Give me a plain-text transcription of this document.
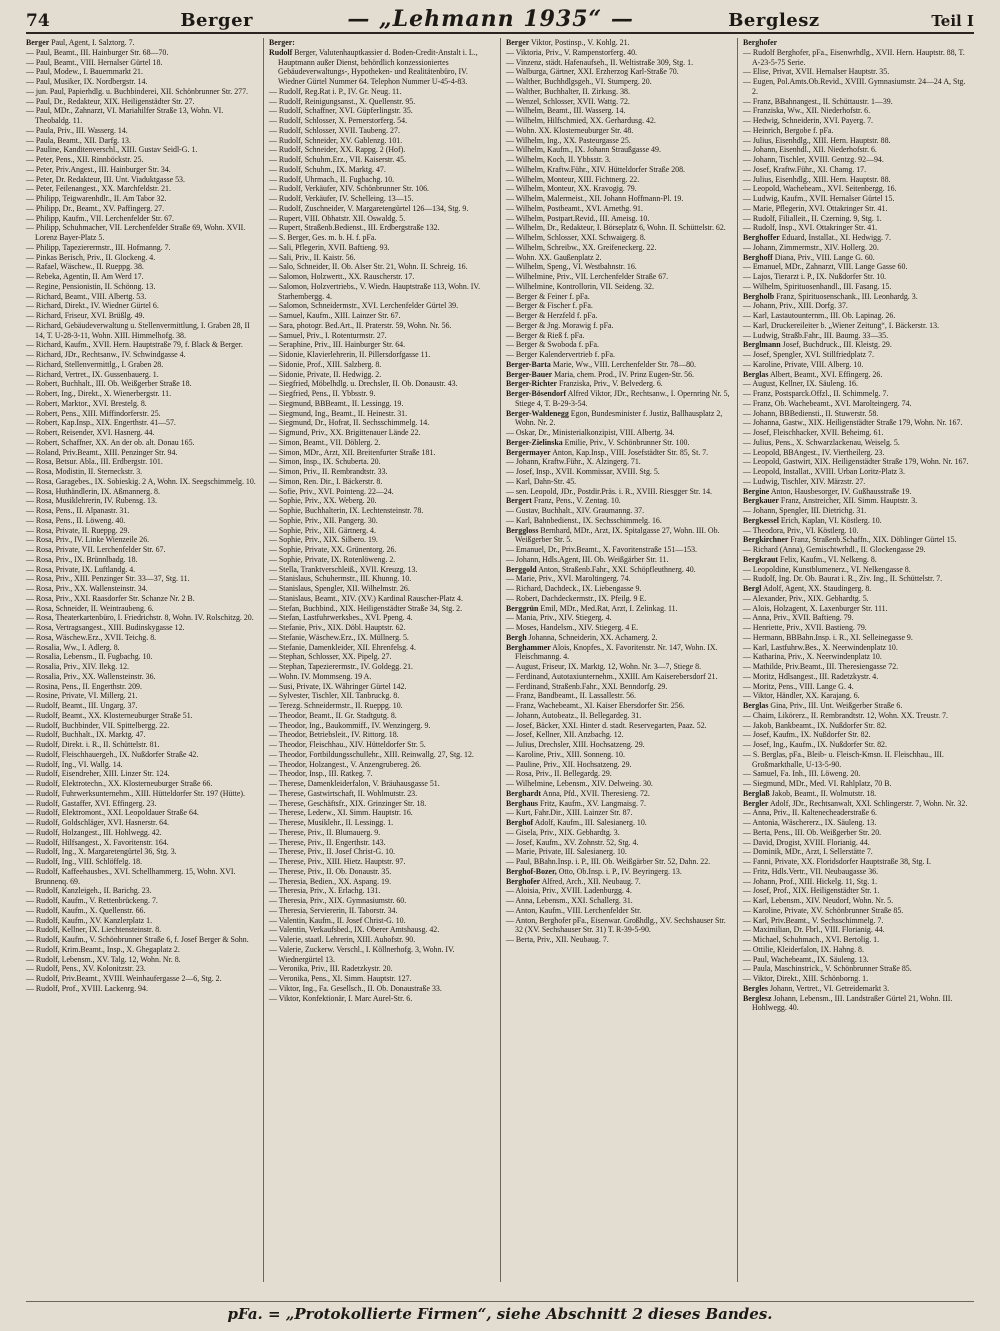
74	Berger	— „Lehmann 1935“ —	Berglesz	Teil I

Berger Paul, Agent, I. Salztorg. 7.

— Paul, Beamt., III. Hainburger Str. 68—70.

— Paul, Beamt., VIII. Hernalser Gürtel 18.

— Paul, Modew., I. Bauernmarkt 21.

— Paul, Musiker, IX. Nordbergstr. 14.

— jun. Paul, Papierhdlg. u. Buchbinderei, XII. Schönbrunner Str. 277.

— Paul, Dr., Redakteur, XIX. Heiligenstädter Str. 27.

— Paul, MDr., Zahnarzt, VI. Mariahilfer Straße 13, Wohn. VI. Theobaldg. 11.

— Paula, Priv., III. Wasserg. 14.

— Paula, Beamt., XII. Darfg. 13.

— Pauline, Kanditenverschl., XIII. Gustav Seidl-G. 1.

— Peter, Pens., XII. Rinnböckstr. 25.

— Peter, Priv.Angest., III. Hainburger Str. 34.

— Peter, Dr. Redakteur, III. Unt. Viaduktgasse 53.

— Peter, Feilenangest., XX. Marchfeldstr. 21.

— Philipp, Teigwarenhdlr., II. Am Tabor 32.

— Philipp, Dr., Beamt., XV. Paffingerg. 27.

— Philipp, Kaufm., VII. Lerchenfelder Str. 67.

— Philipp, Schuhmacher, VII. Lerchenfelder Straße 69, Wohn. XVII. Lorenz Bayer-Platz 5.

— Philipp, Tapezierermstr., III. Hofmanng. 7.

— Pinkas Berisch, Priv., II. Glockeng. 4.

— Rafael, Wäschew., II. Rueppg. 38.

— Rebeka, Agentin, II. Am Werd 17.

— Regine, Pensionistin, II. Schönng. 13.

— Richard, Beamt., VIII. Albertg. 53.

— Richard, Direkt., IV. Wiedner Gürtel 6.

— Richard, Friseur, XVI. Brüßlg. 49.

— Richard, Gebäudeverwaltung u. Stellenvermittlung, I. Graben 28, II 14, T. U-28-3-11, Wohn. XIII. Himmelhofg. 38.

— Richard, Kaufm., XVII. Hern. Hauptstraße 79, f. Black & Berger.

— Richard, JDr., Rechtsanw., IV. Schwindgasse 4.

— Richard, Stellenvermittlg., I. Graben 28.

— Richard, Vertret., IX. Gussenbauerg. 1.

— Robert, Buchhalt., III. Ob. Weißgerber Straße 18.

— Robert, Ing., Direkt., X. Wienerbergstr. 11.

— Robert, Marktor., XVI. Brestelg. 8.

— Robert, Pens., XIII. Miffindorferstr. 25.

— Robert, Kap.Insp., XIX. Engerthstr. 41—57.

— Robert, Reisender, XVI. Hasnerg. 44.

— Robert, Schaffner, XX. An der ob. alt. Donau 165.

— Roland, Priv.Beamt., XIII. Penzinger Str. 94.

— Rosa, Betsur. Abla., III. Erdbergstr. 101.

— Rosa, Modistin, II. Sterneckstr. 3.

— Rosa, Garagebes., IX. Sobieskig. 2 A, Wohn. IX. Seegschimmelg. 10.

— Rosa, Huthändlerin, IX. Aßmannerg. 8.

— Rosa, Musiklehrerin, IV. Rubensg. 13.

— Rosa, Pens., II. Alpanastr. 31.

— Rosa, Pens., II. Löweng. 40.

— Rosa, Private, II. Rueppg. 29.

— Rosa, Priv., IV. Linke Wienzeile 26.

— Rosa, Private, VII. Lerchenfelder Str. 67.

— Rosa, Priv., IX. Brünnlbadg. 18.

— Rosa, Private, IX. Luftlandg. 4.

— Rosa, Priv., XIII. Penzinger Str. 33—37, Stg. 11.

— Rosa, Priv., XX. Wallensteinstr. 34.

— Rosa, Priv., XXI. Raasdorfer Str. Schanze Nr. 2 B.

— Rosa, Schneider, II. Weintraubeng. 6.

— Rosa, Theaterkartenbüro, I. Friedrichstr. 8, Wohn. IV. Rolschitzg. 20.

— Rosa, Vertragsangest., XIII. Budinskygasse 12.

— Rosa, Wäschew.Erz., XVII. Teichg. 8.

— Rosalia, Ww., I. Adlerg. 8.

— Rosalia, Lebensm., II. Fugbachg. 10.

— Rosalia, Priv., XIV. Ilekg. 12.

— Rosalia, Priv., XX. Wallensteinstr. 36.

— Rosina, Pens., II. Engerthstr. 209.

— Rosine, Private, VI. Millerg. 21.

— Rudolf, Beamt., III. Ungarg. 37.

— Rudolf, Beamt., XX. Klosterneuburger Straße 51.

— Rudolf, Buchbinder, VII. Spittelbergg. 22.

— Rudolf, Buchhalt., IX. Marktg. 47.

— Rudolf, Direkt. i. R., II. Schüttelstr. 81.

— Rudolf, Fleischhauergeh., IX. Nußdorfer Straße 42.

— Rudolf, Ing., VI. Wallg. 14.

— Rudolf, Eisendreher, XIII. Linzer Str. 124.

— Rudolf, Elektrotechn., XX. Klosterneuburger Straße 66.

— Rudolf, Fuhrwerksunternehm., XIII. Hütteldorfer Str. 197 (Hütte).

— Rudolf, Gastaffer, XVI. Effingerg. 23.

— Rudolf, Elektromont., XXI. Leopoldauer Straße 64.

— Rudolf, Goldschläger, XVI. Hasnerstr. 64.

— Rudolf, Holzangest., III. Hohlwegg. 42.

— Rudolf, Hilfsangest., X. Favoritenstr. 164.

— Rudolf, Ing., X. Margaretengürtel 36, Stg. 3.

— Rudolf, Ing., VIII. Schlöffelg. 18.

— Rudolf, Kaffeehausbes., XVI. Schellhammerg. 15, Wohn. XVI. Brunnenq. 69.

— Rudolf, Kanzleigeh., II. Barichg. 23.

— Rudolf, Kaufm., V. Rettenbrückeng. 7.

— Rudolf, Kaufm., X. Quellenstr. 66.

— Rudolf, Kaufm., XV. Kanzlerplatz 1.

— Rudolf, Kellner, IX. Liechtensteinstr. 8.

— Rudolf, Kaufm., V. Schönbrunner Straße 6, f. Josef Berger & Sohn.

— Rudolf, Krim.Beamt., Insp., X. Ghegaplatz 2.

— Rudolf, Lebensm., XV. Talg. 12, Wohn. Nr. 8.

— Rudolf, Pens., XV. Kolonitzstr. 23.

— Rudolf, Priv.Beamt., XVIII. Weinhaufergasse 2—6, Stg. 2.

— Rudolf, Prof., XVIII. Lackenrg. 94.

Berger:

Rudolf Berger, Valutenhauptkassier d. Boden-Credit-Anstalt i. L., Hauptmann außer Dienst, behördlich konzessioniertes Gebäudeverwaltungs-, Hypotheken- und Realitätenbüro, IV. Wiedner Gürtel Nummer 64. Telephon Nummer U-45-4-83.

— Rudolf, Reg.Rat i. P., IV. Gr. Neug. 11.

— Rudolf, Reinigungsanst., X. Quellenstr. 95.

— Rudolf, Schaffner, XVI. Güpferlingstr. 35.

— Rudolf, Schlosser, X. Pernerstorferg. 54.

— Rudolf, Schlosser, XVII. Taubeng. 27.

— Rudolf, Schneider, XV. Gablenzg. 101.

— Rudolf, Schneider, XX. Rappg. 2 (Hof).

— Rudolf, Schuhm.Erz., VII. Kaiserstr. 45.

— Rudolf, Schuhm., IX. Marktg. 47.

— Rudolf, Uhrmach., II. Fugbachg. 10.

— Rudolf, Verkäufer, XIV. Schönbrunner Str. 106.

— Rudolf, Verkäufer, IV. Schelleing. 13—15.

— Rudolf, Zuschneider, V. Margaretengürtel 126—134, Stg. 9.

— Rupert, VIII. Obhatstr. XII. Oswaldg. 5.

— Rupert, Straßenb.Bedienst., III. Erdbergstraße 132.

— S. Berger, Ges. m. b. H. f. pFa.

— Sali, Pflegerin, XVII. Baftieng. 93.

— Sali, Priv., II. Kaistr. 56.

— Salo, Schneider, II. Ob. Alser Str. 21, Wohn. II. Schreig. 16.

— Salomon, Holzwertt., XX. Rauscherstr. 17.

— Salomon, Holzvertriebs., V. Wiedn. Hauptstraße 113, Wohn. IV. Starhembergg. 4.

— Salomon, Schneidermstr., XVI. Lerchenfelder Gürtel 39.

— Samuel, Kaufm., XIII. Lainzer Str. 67.

— Sara, photogr. Bed.Art., II. Praterstr. 59, Wohn. Nr. 56.

— Samuel, Priv., I. Rotenturmstr. 27.

— Seraphine, Priv., III. Hainburger Str. 64.

— Sidonie, Klavierlehrerin, II. Pillersdorfgasse 11.

— Sidonie, Prof., XIII. Salzberg. 8.

— Sidonie, Private, II. Hedwigg. 2.

— Siegfried, Möbelhdlg. u. Drechsler, II. Ob. Donaustr. 43.

— Siegfried, Pens., II. Ybbsstr. 9.

— Siegmund, BBBeamt., II. Lessingg. 19.

— Siegmund, Ing., Beamt., II. Heinestr. 31.

— Siegmund, Dr., Hofrat, II. Sechsschimmelg. 14.

— Sigmund, Priv., XX. Brigittenauer Lände 22.

— Simon, Beamt., VII. Döblerg. 2.

— Simon, MDr., Arzt, XII. Breitenfurter Straße 181.

— Simon, Insp., IX. Schuberta. 20.

— Simon, Priv., II. Rembrandtstr. 33.

— Simon, Ren. Dir., I. Bäckerstr. 8.

— Sofie, Priv., XVI. Pointeng. 22—24.

— Sophie, Priv., XX. Weberg. 20.

— Sophie, Buchhalterin, IX. Lechtensteinstr. 78.

— Sophie, Priv., XII. Pangerg. 30.

— Sophie, Priv., XII. Gärtnerg. 4.

— Sophie, Priv., XIX. Silbero. 19.

— Sophie, Private, XX. Grünentorg. 26.

— Sophie, Private, IX. Rotenlöweng. 2.

— Stella, Tranktverschleiß., XVII. Kreuzg. 13.

— Stanislaus, Schuhermstr., III. Khunng. 10.

— Stanislaus, Spengler, XII. Wilhelmstr. 26.

— Stanislaus, Beamt., XIV. (XV.) Kardinal Rauscher-Platz 4.

— Stefan, Buchbind., XIX. Heiligenstädter Straße 34, Stg. 2.

— Stefan, Lastfuhrwerksbes., XVI. Ppeng. 4.

— Stefanie, Priv., XIX. Döbl. Hauptstr. 62.

— Stefanie, Wäschew.Erz., IX. Müllnerg. 5.

— Stefanie, Damenkleider, XII. Ehrenfelsg. 4.

— Stephan, Schlosser, XX. Pipelg. 27.

— Stephan, Tapezierermstr., IV. Goldegg. 21.

— Wohn. IV. Mommseng. 19 A.

— Susi, Private, IX. Währinger Gürtel 142.

— Sylvester, Tischler, XII. Tanbruckg. 8.

— Terezg. Schneidermstr., II. Rueppg. 10.

— Theodor, Beamt., II. Gr. Stadtgutg. 8.

— Theodor, Ing., Baukommiff., IV. Wenzingerg. 9.

— Theodor, Betriebsleit., IV. Rittorg. 18.

— Theodor, Fleischhau., XIV. Hütteldorfer Str. 5.

— Theodor, Fortbildungsschullehr., XIII. Reinwallg. 27, Stg. 12.

— Theodor, Holzangest., V. Anzengrubereg. 26.

— Theodor, Insp., III. Ratkeg. 7.

— Therese, Damenkleiderfalon, V. Bräuhausgasse 51.

— Therese, Gastwirtschaft, II. Wohlmutstr. 23.

— Therese, Geschäftsfr., XIX. Grinzinger Str. 18.

— Therese, Lederw., XI. Simm. Hauptstr. 16.

— Therese, Musiklehr., II. Lessingg. 1.

— Therese, Priv., II. Blumauerg. 9.

— Therese, Priv., II. Engerthstr. 143.

— Therese, Priv., II. Josef Christ-G. 10.

— Therese, Priv., XIII. Hietz. Hauptstr. 97.

— Therese, Priv., II. Ob. Donaustr. 35.

— Theresia, Bedien., XX. Aspang. 19.

— Theresia, Priv., X. Erlachg. 131.

— Theresia, Priv., XIX. Gymnasiumstr. 60.

— Theresia, Serviererin, II. Taborstr. 34.

— Valentin, Kaufm., II. Josef Christ-G. 10.

— Valentin, Verkaufsbed., IX. Oberer Amtshausg. 42.

— Valerie, staatl. Lehrerin, XIII. Auhofstr. 90.

— Valerie, Zuckerw. Verschl., I. Köllnerhofg. 3, Wohn. IV. Wiednergürtel 13.

— Veronika, Priv., III. Radetzkystr. 20.

— Veronika, Pens., XI. Simm. Hauptstr. 127.

— Viktor, Ing., Fa. Gesellsch., II. Ob. Donaustraße 33.

— Viktor, Konfektionär, I. Marc Aurel-Str. 6.

Berger Viktor, Postinsp., V. Kohlg. 21.

— Viktoria, Priv., V. Rampenstorferg. 40.

— Vinzenz, städt. Hafenaufseh., II. Weltistraße 309, Stg. 1.

— Walburga, Gärtner, XXI. Erzherzog Karl-Straße 70.

— Walther, Buchhdlgsgeh., VI. Stumperg. 20.

— Walther, Buchhalter, II. Zirkusg. 38.

— Wenzel, Schlosser, XVII. Wattg. 72.

— Wilhelm, Beamt., III. Wasserg. 14.

— Wilhelm, Hilfschmied, XX. Gerhardusg. 42.

— Wohn. XX. Klosterneuburger Str. 48.

— Wilhelm, Ing., XX. Pasteurgasse 25.

— Wilhelm, Kaufm., IX. Johann Straußgasse 49.

— Wilhelm, Koch, II. Ybbsstr. 3.

— Wilhelm, Kraftw.Führ., XIV. Hütteldorfer Straße 208.

— Wilhelm, Monteur, XIII. Fichtnerg. 22.

— Wilhelm, Monteur, XX. Kravogig. 79.

— Wilhelm, Malermeist., XII. Johann Hoffmann-Pl. 19.

— Wilhelm, Postbeamt., XVI. Arnethg. 91.

— Wilhelm, Postpart.Revid., III. Ameisg. 10.

— Wilhelm, Dr., Redakteur, I. Börseplatz 6, Wohn. II. Schüttelstr. 62.

— Wilhelm, Schlosser, XXI. Schwaigerg. 8.

— Wilhelm, Schreibw., XX. Greifeneckerg. 22.

— Wohn. XX. Gaußenplatz 2.

— Wilhelm, Speng., VI. Westbahnstr. 16.

— Wilhelmine, Priv., VII. Lerchenfelder Straße 67.

— Wilhelmine, Kontrollorin, VII. Seideng. 32.

— Berger & Feiner f. pFa.

— Berger & Fischer f. pFa.

— Berger & Herzfeld f. pFa.

— Berger & Jng. Morawig f. pFa.

— Berger & Rieß f. pFa.

— Berger & Swoboda f. pFa.

— Berger Kalendervertrieb f. pFa.

Berger-Barta Marie, Ww., VIII. Lerchenfelder Str. 78—80.

Berger-Bauer Maria, chem. Prod., IV. Prinz Eugen-Str. 56.

Berger-Richter Franziska, Priv., V. Belvederg. 6.

Berger-Bösendorf Alfred Viktor, JDr., Rechtsanw., I. Opernring Nr. 5, Stiege 4, T. B-29-3-54.

Berger-Waldenegg Egon, Bundesminister f. Justiz, Ballhausplatz 2, Wohn. Nr. 2.

— Oskar, Dr., Ministerialkonzipist, VIII. Albertg. 34.

Berger-Zielinska Emilie, Priv., V. Schönbrunner Str. 100.

Bergermayer Anton, Kap.Insp., VIII. Josefstädter Str. 85, St. 7.

— Johann, Kraftw.Führ., X. Alzingerg. 71.

— Josef, Insp., XVII. Kommissar, XVIII. Stg. 5.

— Karl, Dahn-Str. 45.

— sen. Leopold, JDr., Postdir.Präs. i. R., XVIII. Riesgger Str. 14.

Bergert Franz, Pens., V. Zentag. 10.

— Gustav, Buchhalt., XIV. Graumanng. 37.

— Karl, Bahnbedienst., IX. Sechsschimmelg. 16.

Berggloss Bernhard, MDr., Arzt, IX. Spitalgasse 27, Wohn. III. Ob. Weißgerber Str. 5.

— Emanuel, Dr., Priv.Beamt., X. Favoritenstraße 151—153.

— Johann, Hdls.Agent, III. Ob. Weißgärber Str. 11.

Berggold Anton, Straßenb.Fahr., XXI. Schöpfleuthnerg. 40.

— Marie, Priv., XVI. Maroltingerg. 74.

— Richard, Dachdeck., IX. Liebengasse 9.

— Robert, Dachdeckermstr., IX. Pfeilg. 9 E.

Berggrün Emil, MDr., Med.Rat, Arzt, I. Zelinkag. 11.

— Mania, Priv., XIV. Stiegerg. 4.

— Moses, Handelsm., XIV. Stiegerg. 4 E.

Bergh Johanna, Schneiderin, XX. Achamerg. 2.

Berghammer Alois, Knopfes., X. Favoritenstr. Nr. 147, Wohn. IX. Fleischmanng. 4.

— August, Friseur, IX. Marktg. 12, Wohn. Nr. 3—7, Stiege 8.

— Ferdinand, Autotaxiunternehm., XXIII. Am Kaiserebersdorf 21.

— Ferdinand, Straßenb.Fahr., XXI. Benndorfg. 29.

— Franz, Bandbeamt., II. Lassallestr. 56.

— Franz, Wachebeamt., XI. Kaiser Ebersdorfer Str. 256.

— Johann, Autobeatz., II. Bellegardeg. 31.

— Josef, Bäcker, XXI. Hinter d. stadt. Reservegarten, Paaz. 52.

— Josef, Kellner, XII. Anzbachg. 12.

— Julius, Drechsler, XIII. Hochsatzeng. 29.

— Karoline, Priv., XIII. Sonneng. 10.

— Pauline, Priv., XII. Hochsatzeng. 29.

— Rosa, Priv., II. Bellegardg. 29.

— Wilhelmine, Lebensm., XIV. Delweing. 30.

Berghardt Anna, Pfd., XVII. Theresieng. 72.

Berghaus Fritz, Kaufm., XV. Langmaisg. 7.

— Kurt, Fahr.Dir., XIII. Lainzer Str. 87.

Berghof Adolf, Kaufm., III. Salesianerg. 10.

— Gisela, Priv., XIX. Gebhardtg. 3.

— Josef, Kaufm., XV. Zohnstr. 52, Stg. 4.

— Marie, Private, III. Salesianerg. 10.

— Paul, BBahn.Insp. i. P., III. Ob. Weißgärber Str. 52, Dahn. 22.

Berghof-Bozer, Otto, Ob.Insp. i. P., IV. Beyringerg. 13.

Berghofer Alfred, Arch., XII. Neubaug. 7.

— Aloisia, Priv., XVIII. Ladenburgg. 4.

— Anna, Lebensm., XXI. Schallerg. 31.

— Anton, Kaufm., VIII. Lerchenfelder Str.

— Anton, Berghofer pFa., Eisenwar. Großhdlg., XV. Sechshauser Str. 32 (XV. Sechshauser Str. 31) T. R-39-5-90.

— Berta, Priv., XII. Neubaug. 7.

Berghofer

— Rudolf Berghofer, pFa., Eisenwrhdlg., XVII. Hern. Hauptstr. 88, T. A-23-5-75 Serie.

— Elise, Privat, XVII. Hernalser Hauptstr. 35.

— Eugen, Pol.Amts.Ob.Revid., XVIII. Gymnasiumstr. 24—24 A, Stg. 2.

— Franz, BBahnangest., II. Schüttaustr. 1—39.

— Franziska, Ww., XII. Niederhofstr. 6.

— Hedwig, Schneiderin, XVI. Payerg. 7.

— Heinrich, Bergobe f. pFa.

— Julius, Eisenhdlg., XIII. Hern. Hauptstr. 88.

— Johann, Eisenhdl., XII. Niederhofstr. 6.

— Johann, Tischler, XVIII. Gentzg. 92—94.

— Josef, Kraftw.Führ., XI. Chamg. 17.

— Julius, Eisenhdlg., XIII. Hern. Hauptstr. 88.

— Leopold, Wachebeam., XVI. Seitenbergg. 16.

— Ludwig, Kaufm., XVII. Hernalser Gürtel 15.

— Marie, Pflegerin, XVI. Ottakringer Str. 41.

— Rudolf, Filialleit., II. Czerning. 9, Stg. 1.

— Rudolf, Insp., XVI. Ottakringer Str. 41.

Berghoffer Eduard, Installat., XI. Hedwigg. 7.

— Johann, Zimmermstr., XIV. Hollerg. 20.

Berghoff Diana, Priv., VIII. Lange G. 60.

— Emanuel, MDr., Zahnarzt, VIII. Lange Gasse 60.

— Lajos, Tierarzt i. P., IX. Nußdorfer Str. 10.

— Wilhelm, Spirituosenhandl., III. Fasang. 15.

Bergholb Franz, Spirituosenschank., III. Leonhardg. 3.

— Johann, Priv., XIII. Dorfg. 37.

— Karl, Lastautounternm., III. Ob. Lapinag. 26.

— Karl, Druckereileiter b. „Wiener Zeitung“, I. Bäckerstr. 13.

— Ludwig, Straßb.Fahr., III. Baumg. 33—35.

Berglmann Josef, Buchdruck., III. Kleistg. 29.

— Josef, Spengler, XVI. Stillfriedplatz 7.

— Karoline, Private, VIII. Alberg. 10.

Berglas Albert, Beamt., XVI. Effingerg. 26.

— August, Kellner, IX. Säuleng. 16.

— Franz, Postsparck.Offzl., II. Schimmelg. 7.

— Franz, Ob. Wachebeamt., XVI. Marolteingerg. 74.

— Johann, BBBediensti., II. Stuwerstr. 58.

— Johanna, Gastw., XIX. Heiligenstädter Straße 179, Wohn. Nr. 167.

— Josef, Fleischhacker, XVII. Beheimg. 61.

— Julius, Pens., X. Schwarzlackenau, Weiselg. 5.

— Leopold, BBAngest., IV. Viertheilerg. 23.

— Leopold, Gastwirt, XIX. Heiligenstädter Straße 179, Wohn. Nr. 167.

— Leopold, Installat., XVIII. Urban Loritz-Platz 3.

— Ludwig, Tischler, XIV. Märzstr. 27.

Bergine Anton, Hausbesorger, IV. Gußhausstraße 19.

Bergkauer Franz, Anstreicher, XII. Simm. Hauptstr. 3.

— Johann, Spengler, III. Dietrichg. 31.

Bergkessel Erich, Kaplan, VI. Köstlerg. 10.

— Theodora, Priv., VI. Köstlerg. 10.

Bergkirchner Franz, Straßenb.Schaffn., XIX. Döblinger Gürtel 15.

— Richard (Anna), Gemischtwrhdl., II. Glockengasse 29.

Bergkraut Felix, Kaufm., VI. Nelkeng. 8.

— Leopoldine, Kunstblumenerz., VI. Nelkengasse 8.

— Rudolf, Ing. Dr. Ob. Baurat i. R., Ziv. Ing., II. Schüttelstr. 7.

Bergl Adolf, Agent, XX. Staudingerg. 8.

— Alexander, Priv., XIX. Gebhardtg. 5.

— Alois, Holzagent, X. Laxenburger Str. 111.

— Anna, Priv., XVII. Baftieng. 79.

— Henriette, Priv., XVII. Bastieng. 79.

— Hermann, BBBahn.Insp. i. R., XI. Selleinegasse 9.

— Karl, Lastfuhrw.Bes., X. Neerwindenplatz 10.

— Katharina, Priv., X. Neerwindenplatz 10.

— Mathilde, Priv.Beamt., III. Theresiengasse 72.

— Moritz, Hdlsangest., III. Radetzkystr. 4.

— Moritz, Pens., VIII. Lange G. 4.

— Viktor, Händler, XX. Karajang. 6.

Berglas Gina, Priv., III. Unt. Weißgerber Straße 6.

— Chaim, Likörerz., II. Rembrandtstr. 12, Wohn. XX. Treustr. 7.

— Jakob, Bankbeamt., IX. Nußdorfer Str. 82.

— Josef, Kaufm., IX. Nußdorfer Str. 82.

— Josef, Ing., Kaufm., IX. Nußdorfer Str. 82.

— S. Berglas, pFa., Bleib- u. Fleisch-Kmsn. II. Fleischhau., III. Großmarkthalle, U-13-5-90.

— Samuel, Fa. Inh., III. Löweng. 20.

— Siegmund, MDr., Med. VI. Rahlplatz, 70 B.

Berglaß Jakob, Beamt., II. Wolmutstr. 18.

Bergler Adolf, JDr., Rechtsanwalt, XXI. Schlingerstr. 7, Wohn. Nr. 32.

— Anna, Priv., II. Kaltenecheaderstraße 6.

— Antonia, Wäschererz., IX. Säuleng. 13.

— Berta, Pens., III. Ob. Weißgerber Str. 20.

— David, Drogist, XVIII. Florianig. 44.

— Dominik, MDr., Arzt, I. Sellerstätte 7.

— Fanni, Private, XX. Floridsdorfer Hauptstraße 38, Stg. I.

— Fritz, Hdls.Vertr., VII. Neubaugasse 36.

— Johann, Prof., XIII. Hickelg. 11, Stg. 1.

— Josef, Prof., XIX. Heiligenstädter Str. 1.

— Karl, Lebensm., XIV. Neudorf, Wohn. Nr. 5.

— Karoline, Private, XV. Schönbrunner Straße 85.

— Karl, Priv.Beamt., V. Sechsschimmelg. 7.

— Maximilian, Dr. Fbrl., VIII. Florianig. 44.

— Michael, Schuhmach., XVI. Bertolig. 1.

— Ottilie, Kleiderfalon, IX. Hahng. 8.

— Paul, Wachebeamt., IX. Säuleng. 13.

— Paula, Maschinstrick., V. Schönbrunner Straße 85.

— Viktor, Direkt., XIII. Schönborng. 1.

Bergles Johann, Vertret., VI. Getreidemarkt 3.

Berglesz Johann, Lebensm., III. Landstraßer Gürtel 21, Wohn. III. Hohlwegg. 40.

pFa. = „Protokollierte Firmen“, siehe Abschnitt 2 dieses Bandes.
